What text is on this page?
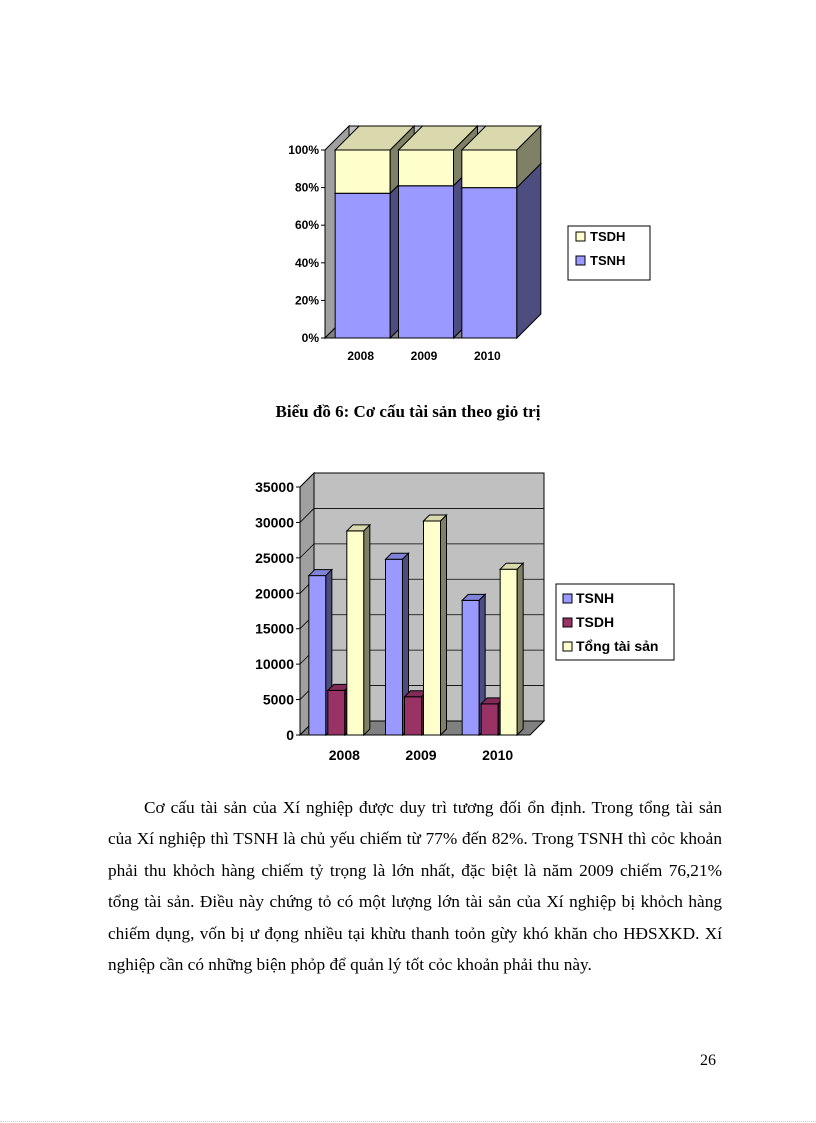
0%
20%
40%
60%
80%
100%
2008	2009	2010
TSDH
TSNH
Biểu đồ 6: Cơ cấu tài sản theo giỏ trị
0
5000
10000
15000
20000
25000
30000
35000
2008	2009	2010
TSNH
TSDH
Tổng tài sản

Cơ cấu tài sản của Xí nghiệp được duy trì tương đối ổn định. Trong tổng tài sản của Xí nghiệp thì TSNH là chủ yếu chiếm từ 77% đến 82%. Trong TSNH thì cỏc khoản phải thu khỏch hàng chiếm tỷ trọng là lớn nhất, đặc biệt là năm 2009 chiếm 76,21% tổng tài sản. Điều này chứng tỏ có một lượng lớn tài sản của Xí nghiệp bị khỏch hàng chiếm dụng, vốn bị ư đọng nhiều tại khừu thanh toỏn gừy khó khăn cho HĐSXKD. Xí nghiệp cần có những biện phỏp để quản lý tốt cỏc khoản phải thu này.

26
